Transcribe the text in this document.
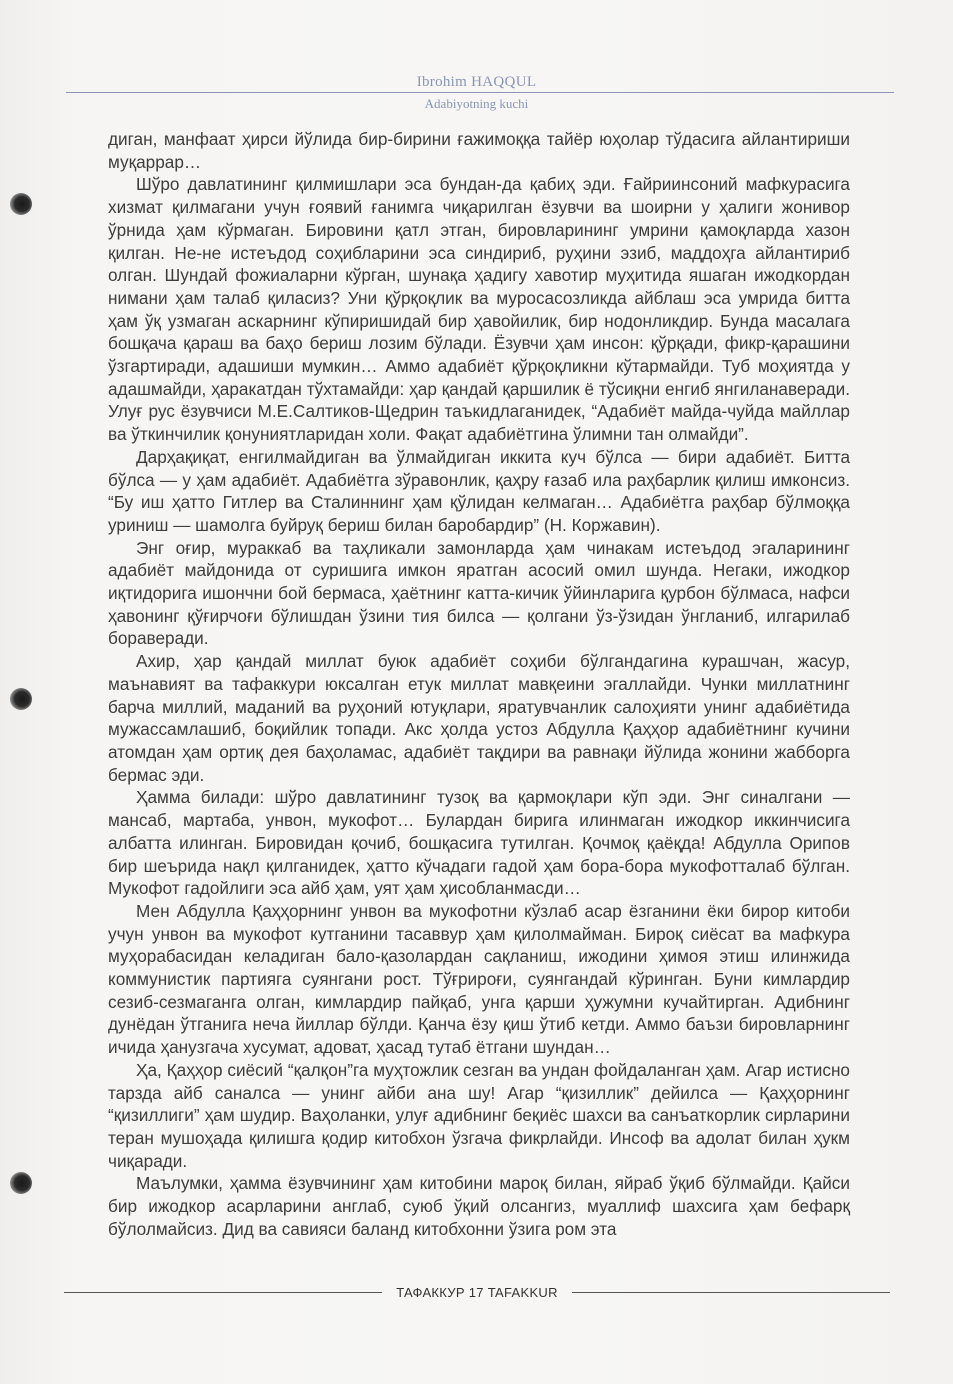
Ibrohim HAQQUL
Adabiyotning kuchi

диган, манфаат ҳирси йўлида бир-бирини ғажимоққа тайёр юҳолар тўдасига айлантириши муқаррар…

Шўро давлатининг қилмишлари эса бундан-да қабиҳ эди. Ғайриинсоний мафкурасига хизмат қилмагани учун ғоявий ғанимга чиқарилган ёзувчи ва шоирни у ҳалиги жонивор ўрнида ҳам кўрмаган. Бировини қатл этган, бировларининг умрини қамоқларда хазон қилган. Не-не истеъдод соҳибларини эса синдириб, руҳини эзиб, маддоҳга айлантириб олган. Шундай фожиаларни кўрган, шунақа ҳадигу хавотир муҳитида яшаган ижодкордан нимани ҳам талаб қиласиз? Уни қўрқоқлик ва муросасозликда айблаш эса умрида битта ҳам ўқ узмаган аскарнинг кўпиришидай бир ҳавойилик, бир нодонликдир. Бунда масалага бошқача қараш ва баҳо бериш лозим бўлади. Ёзувчи ҳам инсон: қўрқади, фикр-қарашини ўзгартиради, адашиши мумкин… Аммо адабиёт қўрқоқликни кўтармайди. Туб моҳиятда у адашмайди, ҳаракатдан тўхтамайди: ҳар қандай қаршилик ё тўсиқни енгиб янгиланаверади. Улуғ рус ёзувчиси М.Е.Салтиков-Щедрин таъкидлаганидек, “Адабиёт майда-чуйда майллар ва ўткинчилик қонуниятларидан холи. Фақат адабиётгина ўлимни тан олмайди”.

Дарҳақиқат, енгилмайдиган ва ўлмайдиган иккита куч бўлса — бири адабиёт. Битта бўлса — у ҳам адабиёт. Адабиётга зўравонлик, қаҳру ғазаб ила раҳбарлик қилиш имконсиз. “Бу иш ҳатто Гитлер ва Сталиннинг ҳам қўлидан келмаган… Адабиётга раҳбар бўлмоққа уриниш — шамолга буйруқ бериш билан баробардир” (Н. Коржавин).

Энг оғир, мураккаб ва таҳликали замонларда ҳам чинакам истеъдод эгаларининг адабиёт майдонида от суришига имкон яратган асосий омил шунда. Негаки, ижодкор иқтидорига ишончни бой бермаса, ҳаётнинг катта-кичик ўйинларига қурбон бўлмаса, нафси ҳавонинг қўғирчоғи бўлишдан ўзини тия билса — қолгани ўз-ўзидан ўнгланиб, илгарилаб бораверади.

Ахир, ҳар қандай миллат буюк адабиёт соҳиби бўлгандагина курашчан, жасур, маънавият ва тафаккури юксалган етук миллат мавқеини эгаллайди. Чунки миллатнинг барча миллий, маданий ва руҳоний ютуқлари, яратувчанлик салоҳияти унинг адабиётида мужассамлашиб, боқийлик топади. Акс ҳолда устоз Абдулла Қаҳҳор адабиётнинг кучини атомдан ҳам ортиқ дея баҳоламас, адабиёт тақдири ва равнақи йўлида жонини жабборга бермас эди.

Ҳамма билади: шўро давлатининг тузоқ ва қармоқлари кўп эди. Энг синалгани — мансаб, мартаба, унвон, мукофот… Булардан бирига илинмаган ижодкор иккинчисига албатта илинган. Бировидан қочиб, бошқасига тутилган. Қочмоқ қаёқда! Абдулла Орипов бир шеърида нақл қилганидек, ҳатто кўчадаги гадой ҳам бора-бора мукофотталаб бўлган. Мукофот гадойлиги эса айб ҳам, уят ҳам ҳисобланмасди…

Мен Абдулла Қаҳҳорнинг унвон ва мукофотни кўзлаб асар ёзганини ёки бирор китоби учун унвон ва мукофот кутганини тасаввур ҳам қилолмайман. Бироқ сиёсат ва мафкура муҳорабасидан келадиган бало-қазолардан сақланиш, ижодини ҳимоя этиш илинжида коммунистик партияга суянгани рост. Тўғрироғи, суянгандай кўринган. Буни кимлардир сезиб-сезмаганга олган, кимлардир пайқаб, унга қарши ҳужумни кучайтирган. Адибнинг дунёдан ўтганига неча йиллар бўлди. Қанча ёзу қиш ўтиб кетди. Аммо баъзи бировларнинг ичида ҳанузгача хусумат, адоват, ҳасад тутаб ётгани шундан…

Ҳа, Қаҳҳор сиёсий “қалқон”га муҳтожлик сезган ва ундан фойдаланган ҳам. Агар истисно тарзда айб саналса — унинг айби ана шу! Агар “қизиллик” дейилса — Қаҳҳорнинг “қизиллиги” ҳам шудир. Ваҳоланки, улуғ адибнинг беқиёс шахси ва санъаткорлик сирларини теран мушоҳада қилишга қодир китобхон ўзгача фикрлайди. Инсоф ва адолат билан ҳукм чиқаради.

Маълумки, ҳамма ёзувчининг ҳам китобини мароқ билан, яйраб ўқиб бўлмайди. Қайси бир ижодкор асарларини англаб, суюб ўқий олсангиз, муаллиф шахсига ҳам бефарқ бўлолмайсиз. Дид ва савияси баланд китобхонни ўзига ром эта

ТАФАККУР 17 TAFAKKUR
